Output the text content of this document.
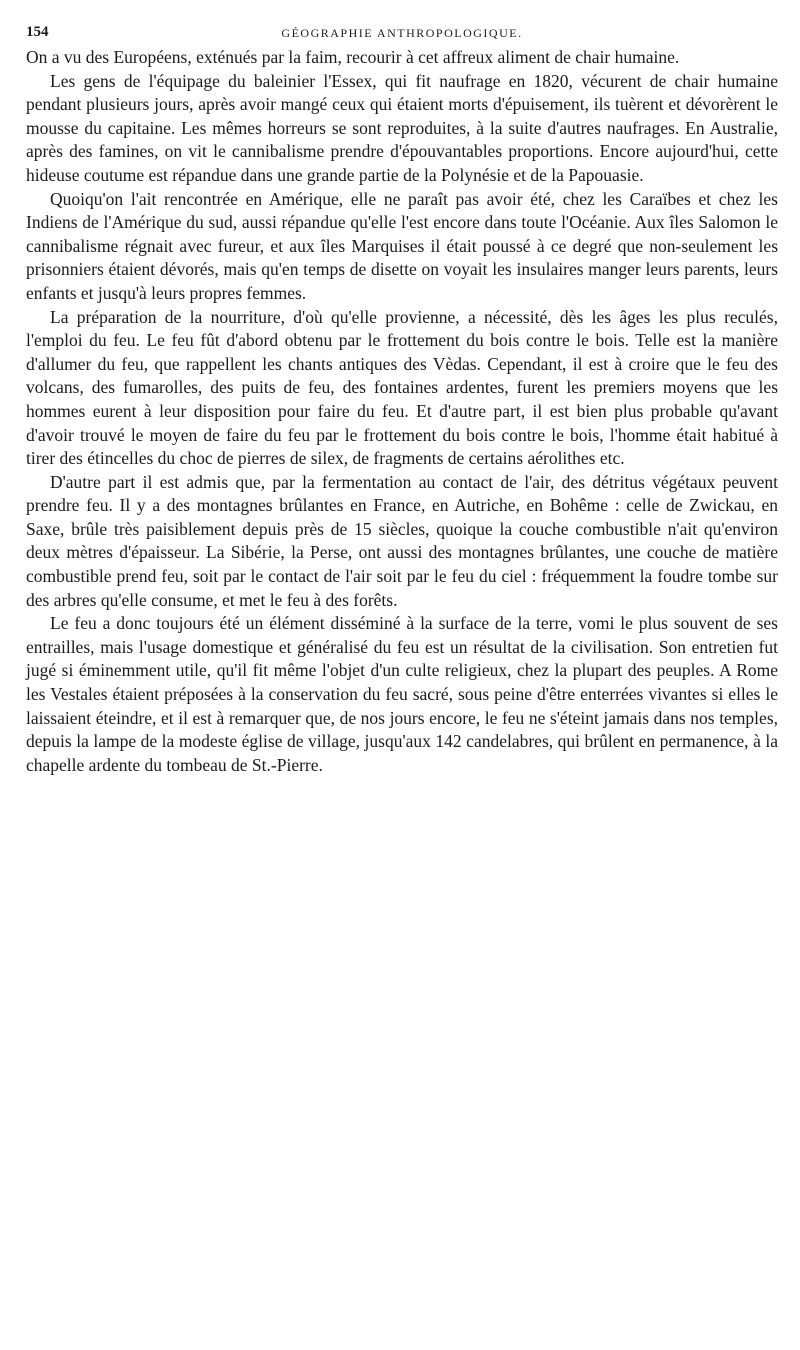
154	GÉOGRAPHIE ANTHROPOLOGIQUE.

On a vu des Européens, exténués par la faim, recourir à cet affreux aliment de chair humaine.

Les gens de l'équipage du baleinier l'Essex, qui fit naufrage en 1820, vécurent de chair humaine pendant plusieurs jours, après avoir mangé ceux qui étaient morts d'épuisement, ils tuèrent et dévorèrent le mousse du capitaine. Les mêmes horreurs se sont reproduites, à la suite d'autres naufrages. En Australie, après des famines, on vit le cannibalisme prendre d'épouvantables proportions. Encore aujourd'hui, cette hideuse coutume est répandue dans une grande partie de la Polynésie et de la Papouasie.

Quoiqu'on l'ait rencontrée en Amérique, elle ne paraît pas avoir été, chez les Caraïbes et chez les Indiens de l'Amérique du sud, aussi répandue qu'elle l'est encore dans toute l'Océanie. Aux îles Salomon le cannibalisme régnait avec fureur, et aux îles Marquises il était poussé à ce degré que non-seulement les prisonniers étaient dévorés, mais qu'en temps de disette on voyait les insulaires manger leurs parents, leurs enfants et jusqu'à leurs propres femmes.

La préparation de la nourriture, d'où qu'elle provienne, a nécessité, dès les âges les plus reculés, l'emploi du feu. Le feu fût d'abord obtenu par le frottement du bois contre le bois. Telle est la manière d'allumer du feu, que rappellent les chants antiques des Vèdas. Cependant, il est à croire que le feu des volcans, des fumarolles, des puits de feu, des fontaines ardentes, furent les premiers moyens que les hommes eurent à leur disposition pour faire du feu. Et d'autre part, il est bien plus probable qu'avant d'avoir trouvé le moyen de faire du feu par le frottement du bois contre le bois, l'homme était habitué à tirer des étincelles du choc de pierres de silex, de fragments de certains aérolithes etc.

D'autre part il est admis que, par la fermentation au contact de l'air, des détritus végétaux peuvent prendre feu. Il y a des montagnes brûlantes en France, en Autriche, en Bohême : celle de Zwickau, en Saxe, brûle très paisiblement depuis près de 15 siècles, quoique la couche combustible n'ait qu'environ deux mètres d'épaisseur. La Sibérie, la Perse, ont aussi des montagnes brûlantes, une couche de matière combustible prend feu, soit par le contact de l'air soit par le feu du ciel : fréquemment la foudre tombe sur des arbres qu'elle consume, et met le feu à des forêts.

Le feu a donc toujours été un élément disséminé à la surface de la terre, vomi le plus souvent de ses entrailles, mais l'usage domestique et généralisé du feu est un résultat de la civilisation. Son entretien fut jugé si éminemment utile, qu'il fit même l'objet d'un culte religieux, chez la plupart des peuples. A Rome les Vestales étaient préposées à la conservation du feu sacré, sous peine d'être enterrées vivantes si elles le laissaient éteindre, et il est à remarquer que, de nos jours encore, le feu ne s'éteint jamais dans nos temples, depuis la lampe de la modeste église de village, jusqu'aux 142 candelabres, qui brûlent en permanence, à la chapelle ardente du tombeau de St.-Pierre.
